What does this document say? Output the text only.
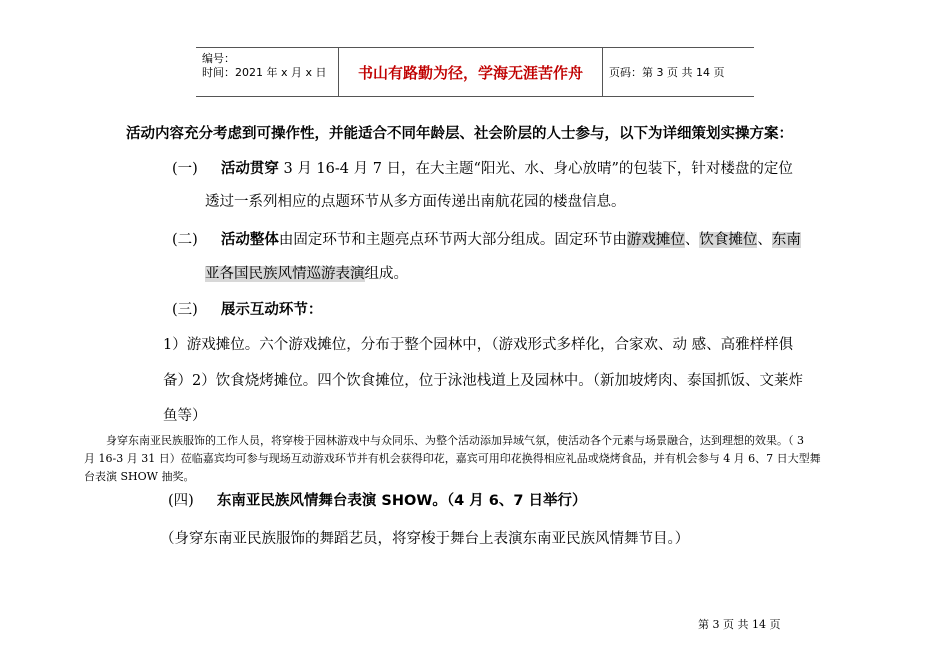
编号：
时间：2021 年 x 月 x 日	书山有路勤为径，学海无涯苦作舟	页码：第 3 页 共 14 页
活动内容充分考虑到可操作性，并能适合不同年龄层、社会阶层的人士参与，以下为详细策划实操方案：
(一) 活动贯穿 3 月 16-4 月 7 日，在大主题“阳光、水、身心放晴”的包装下，针对楼盘的定位
透过一系列相应的点题环节从多方面传递出南航花园的楼盘信息。
(二) 活动整体由固定环节和主题亮点环节两大部分组成。固定环节由游戏摊位、饮食摊位、东南
亚各国民族风情巡游表演组成。
(三) 展示互动环节：
1）游戏摊位。六个游戏摊位，分布于整个园林中，（游戏形式多样化，合家欢、动 感、高雅样样俱
备）2）饮食烧烤摊位。四个饮食摊位，位于泳池栈道上及园林中。（新加坡烤肉、泰国抓饭、文莱炸
鱼等）
身穿东南亚民族服饰的工作人员，将穿梭于园林游戏中与众同乐、为整个活动添加异域气氛，使活动各个元素与场景融合，达到理想的效果。（ 3
月 16-3 月 31 日）莅临嘉宾均可参与现场互动游戏环节并有机会获得印花，嘉宾可用印花换得相应礼品或烧烤食品，并有机会参与 4 月 6、7 日大型舞
台表演 SHOW 抽奖。
(四) 东南亚民族风情舞台表演 SHOW。（4 月 6、7 日举行）
（身穿东南亚民族服饰的舞蹈艺员，将穿梭于舞台上表演东南亚民族风情舞节目。）
第 3 页 共 14 页
